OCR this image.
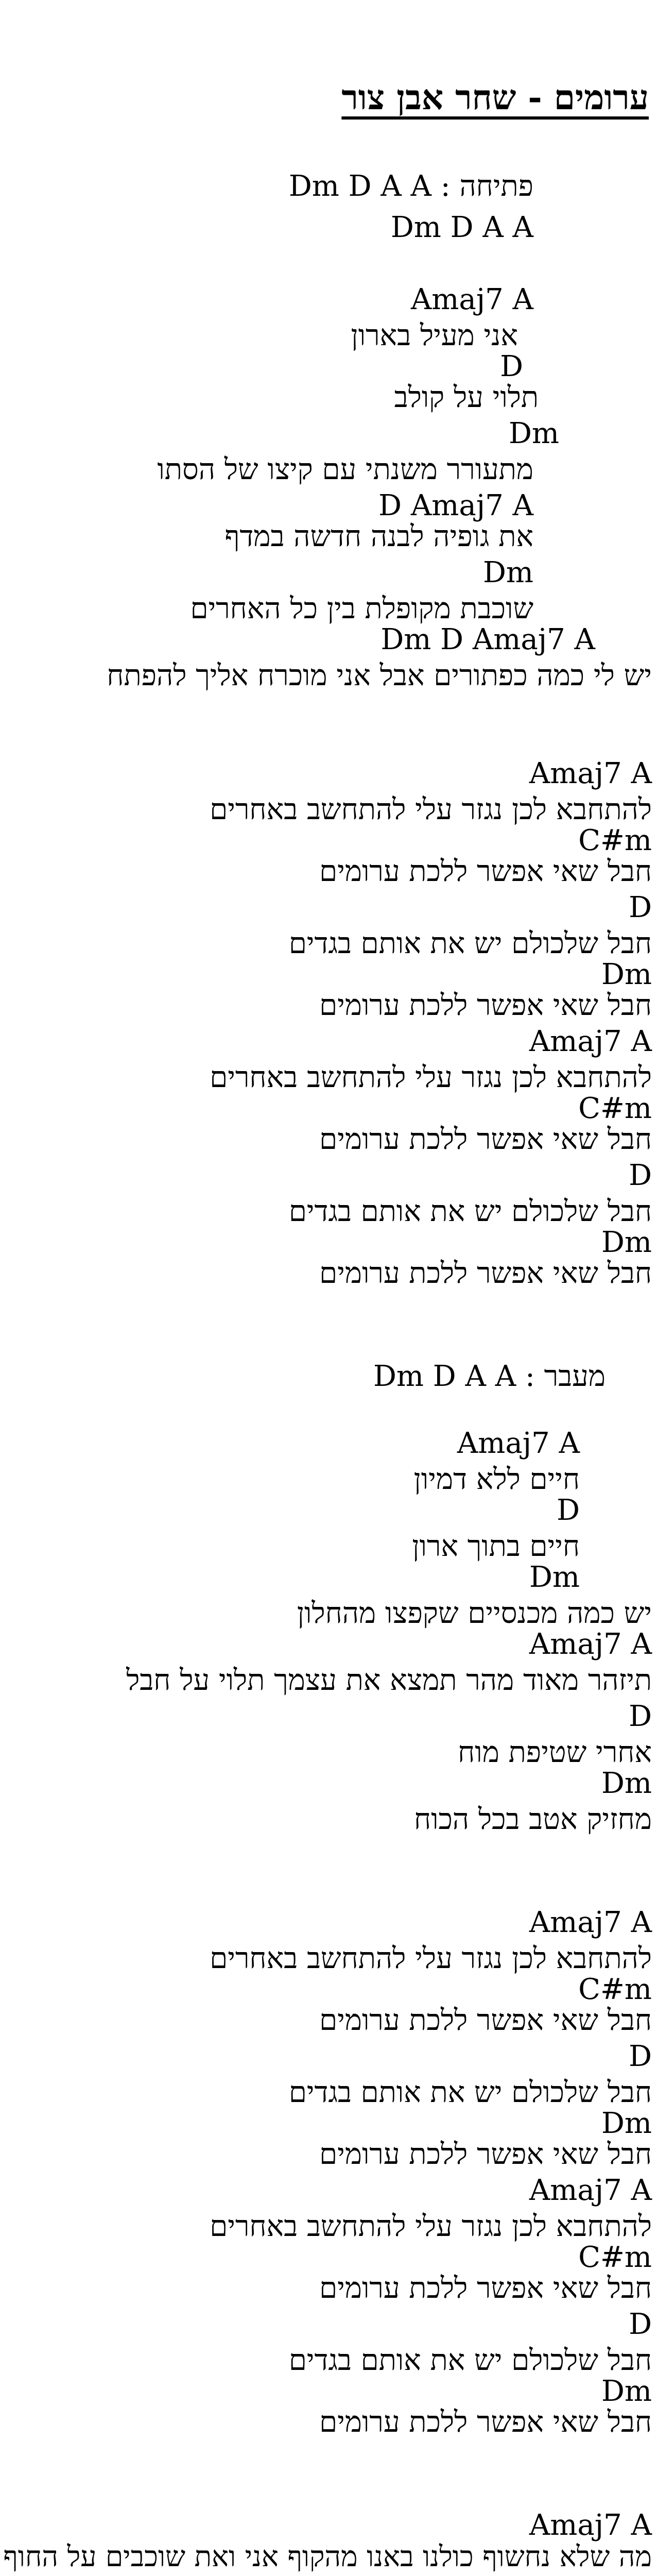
ערומים - שחר אבן צור
פתיחה : Dm D A A
Dm D A A
Amaj7 A
אני מעיל בארון
D
תלוי על קולב
Dm
מתעורר משנתי עם קיצו של הסתו
D Amaj7 A
את גופיה לבנה חדשה במדף
Dm
שוכבת מקופלת בין כל האחרים
Dm D Amaj7 A
יש לי כמה כפתורים אבל אני מוכרח אליך להפתח
Amaj7 A
להתחבא לכן נגזר עלי להתחשב באחרים
C#m
חבל שאי אפשר ללכת ערומים
D
חבל שלכולם יש את אותם בגדים
Dm
חבל שאי אפשר ללכת ערומים
Amaj7 A
להתחבא לכן נגזר עלי להתחשב באחרים
C#m
חבל שאי אפשר ללכת ערומים
D
חבל שלכולם יש את אותם בגדים
Dm
חבל שאי אפשר ללכת ערומים
מעבר : Dm D A A
Amaj7 A
חיים ללא דמיון
D
חיים בתוך ארון
Dm
יש כמה מכנסיים שקפצו מהחלון
Amaj7 A
תיזהר מאוד מהר תמצא את עצמך תלוי על חבל
D
אחרי שטיפת מוח
Dm
מחזיק אטב בכל הכוח
Amaj7 A
להתחבא לכן נגזר עלי להתחשב באחרים
C#m
חבל שאי אפשר ללכת ערומים
D
חבל שלכולם יש את אותם בגדים
Dm
חבל שאי אפשר ללכת ערומים
Amaj7 A
להתחבא לכן נגזר עלי להתחשב באחרים
C#m
חבל שאי אפשר ללכת ערומים
D
חבל שלכולם יש את אותם בגדים
Dm
חבל שאי אפשר ללכת ערומים
Amaj7 A
מה שלא נחשוף כולנו באנו מהקוף אני ואת שוכבים על החוף
